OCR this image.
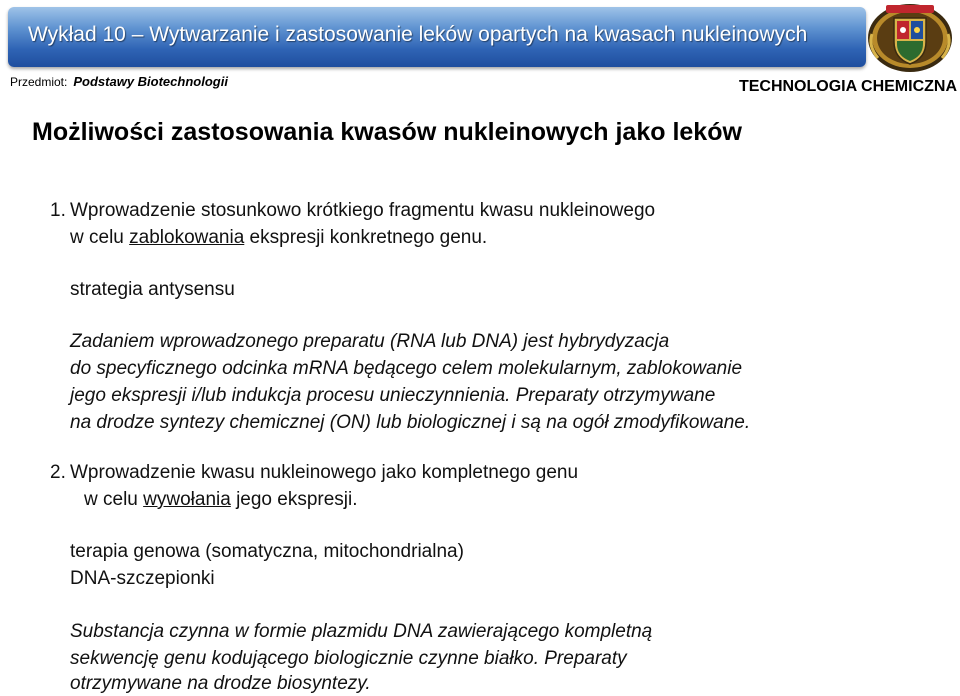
Wykład 10 – Wytwarzanie i zastosowanie leków opartych na kwasach nukleinowych
Przedmiot: Podstawy Biotechnologii	TECHNOLOGIA CHEMICZNA
Możliwości zastosowania kwasów nukleinowych jako leków
1. Wprowadzenie stosunkowo krótkiego fragmentu kwasu nukleinowego
w celu zablokowania ekspresji konkretnego genu.
strategia antysensu
Zadaniem wprowadzonego preparatu (RNA lub DNA) jest hybrydyzacja
do specyficznego odcinka mRNA będącego celem molekularnym, zablokowanie
jego ekspresji i/lub indukcja procesu unieczynnienia. Preparaty otrzymywane
na drodze syntezy chemicznej (ON) lub biologicznej i są na ogół zmodyfikowane.
2. Wprowadzenie kwasu nukleinowego jako kompletnego genu
w celu wywołania jego ekspresji.
terapia genowa (somatyczna, mitochondrialna)
DNA-szczepionki
Substancja czynna w formie plazmidu DNA zawierającego kompletną
sekwencję genu kodującego biologicznie czynne białko. Preparaty
otrzymywane na drodze biosyntezy.
